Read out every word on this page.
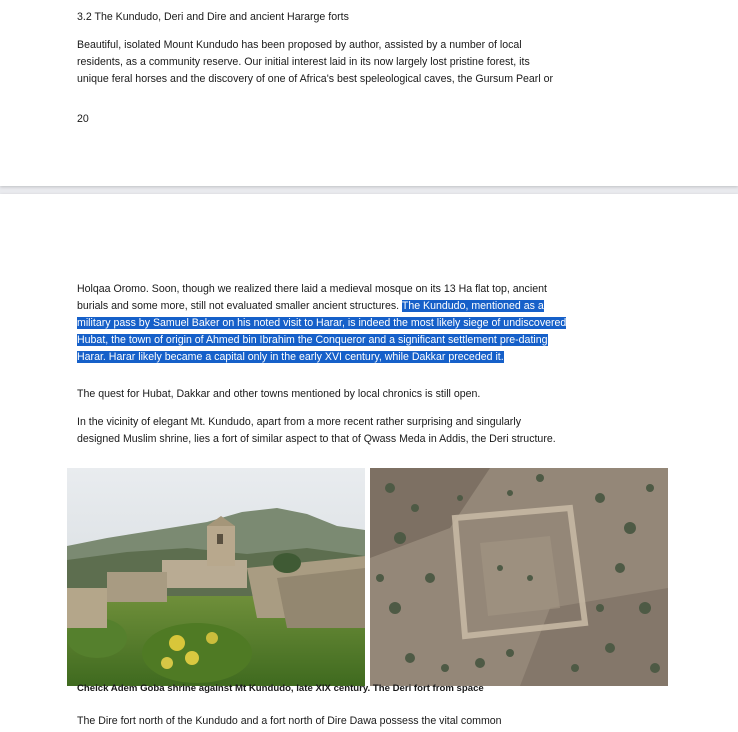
3.2 The Kundudo, Deri and Dire and ancient Hararge forts
Beautiful, isolated Mount Kundudo has been proposed by author, assisted by a number of local
residents, as a community reserve. Our initial interest laid in its now largely lost pristine forest, its
unique feral horses and the discovery of one of Africa's best speleological caves, the Gursum Pearl or
20
Holqaa Oromo. Soon, though we realized there laid a medieval mosque on its 13 Ha flat top, ancient
burials and some more, still not evaluated smaller ancient structures. The Kundudo, mentioned as a
military pass by Samuel Baker on his noted visit to Harar, is indeed the most likely siege of undiscovered
Hubat, the town of origin of Ahmed bin Ibrahim the Conqueror and a significant settlement pre-dating
Harar. Harar likely became a capital only in the early XVI century, while Dakkar preceded it.
The quest for Hubat, Dakkar and other towns mentioned by local chronics is still open.
In the vicinity of elegant Mt. Kundudo, apart from a more recent rather surprising and singularly
designed Muslim shrine, lies a fort of similar aspect to that of Qwass Meda in Addis, the Deri structure.
Cheick Adem Goba shrine against Mt Kundudo, late XIX century. The Deri fort from space
The Dire fort north of the Kundudo and a fort north of Dire Dawa possess the vital common
